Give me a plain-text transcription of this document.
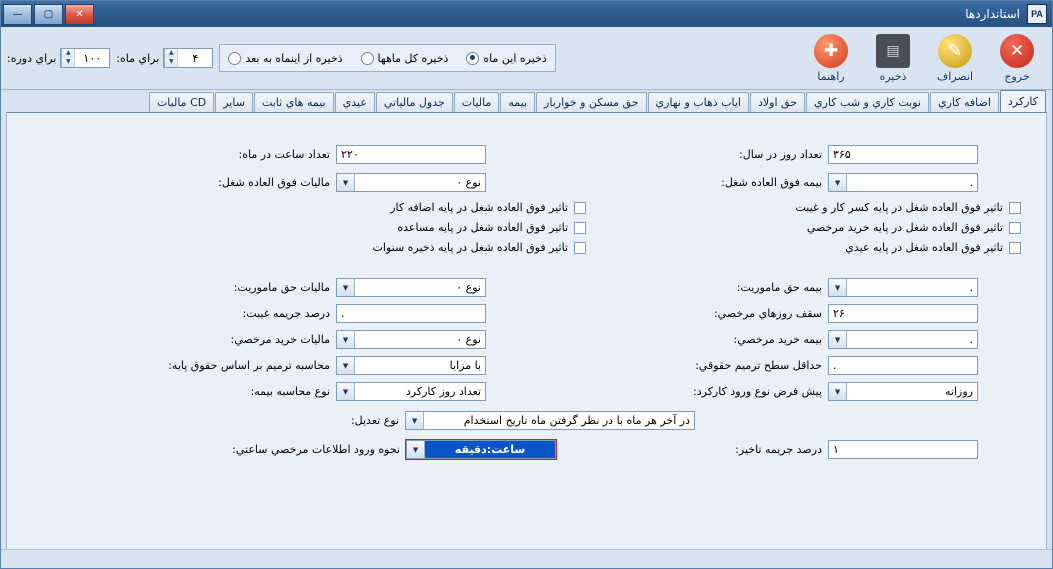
PA
استانداردها
—	▢	✕
✕
خروج
✎
انصراف
▤
ذخيره
✚
راهنما
براي دوره:
١٠٠	▲
▼	براي ماه:
۴	▲
▼	ذخيره اين ماه
ذخيره كل ماهها
ذخيره از اينماه به بعد
كاركرد
اضافه كاري
نوبت كاري و شب كاري
حق اولاد
اياب ذهاب و نهاري
حق مسكن و خواربار
بيمه
ماليات
جدول مالياتي
عيدي
بيمه هاي ثابت
ساير
CD ماليات
تعداد روز در سال:	٣۶۵
بيمه فوق العاده شغل:	.
▼
تعداد ساعت در ماه:	٢٢٠
ماليات فوق العاده شغل:	نوع ٠
▼
تاثير فوق العاده شغل در پايه كسر كار و غيبت
تاثير فوق العاده شغل در پايه خريد مرخصي
تاثير فوق العاده شغل در پايه عيدي
تاثير فوق العاده شغل در پايه اضافه كار
تاثير فوق العاده شغل در پايه مساعده
تاثير فوق العاده شغل در پايه ذخيره سنوات
بيمه حق ماموريت:	.
▼
سقف روزهاي مرخصي:	٢۶
بيمه خريد مرخصي:	.
▼
حداقل سطح ترميم حقوقي:	.
پيش فرض نوع ورود كاركرد:	روزانه
▼
درصد جريمه تاخير:	١
ماليات حق ماموريت:	نوع ٠
▼
درصد جريمه غيبت:	.
ماليات خريد مرخصي:	نوع ٠
▼
محاسبه ترميم بر اساس حقوق پايه:	با مزايا
▼
نوع محاسبه بيمه:	تعداد روز كاركرد
▼
نوع تعديل:	در آخر هر ماه با در نظر گرفتن ماه تاريخ استخدام
▼
نحوه ورود اطلاعات مرخصي ساعتي:	ساعت:دقيقه
▼
